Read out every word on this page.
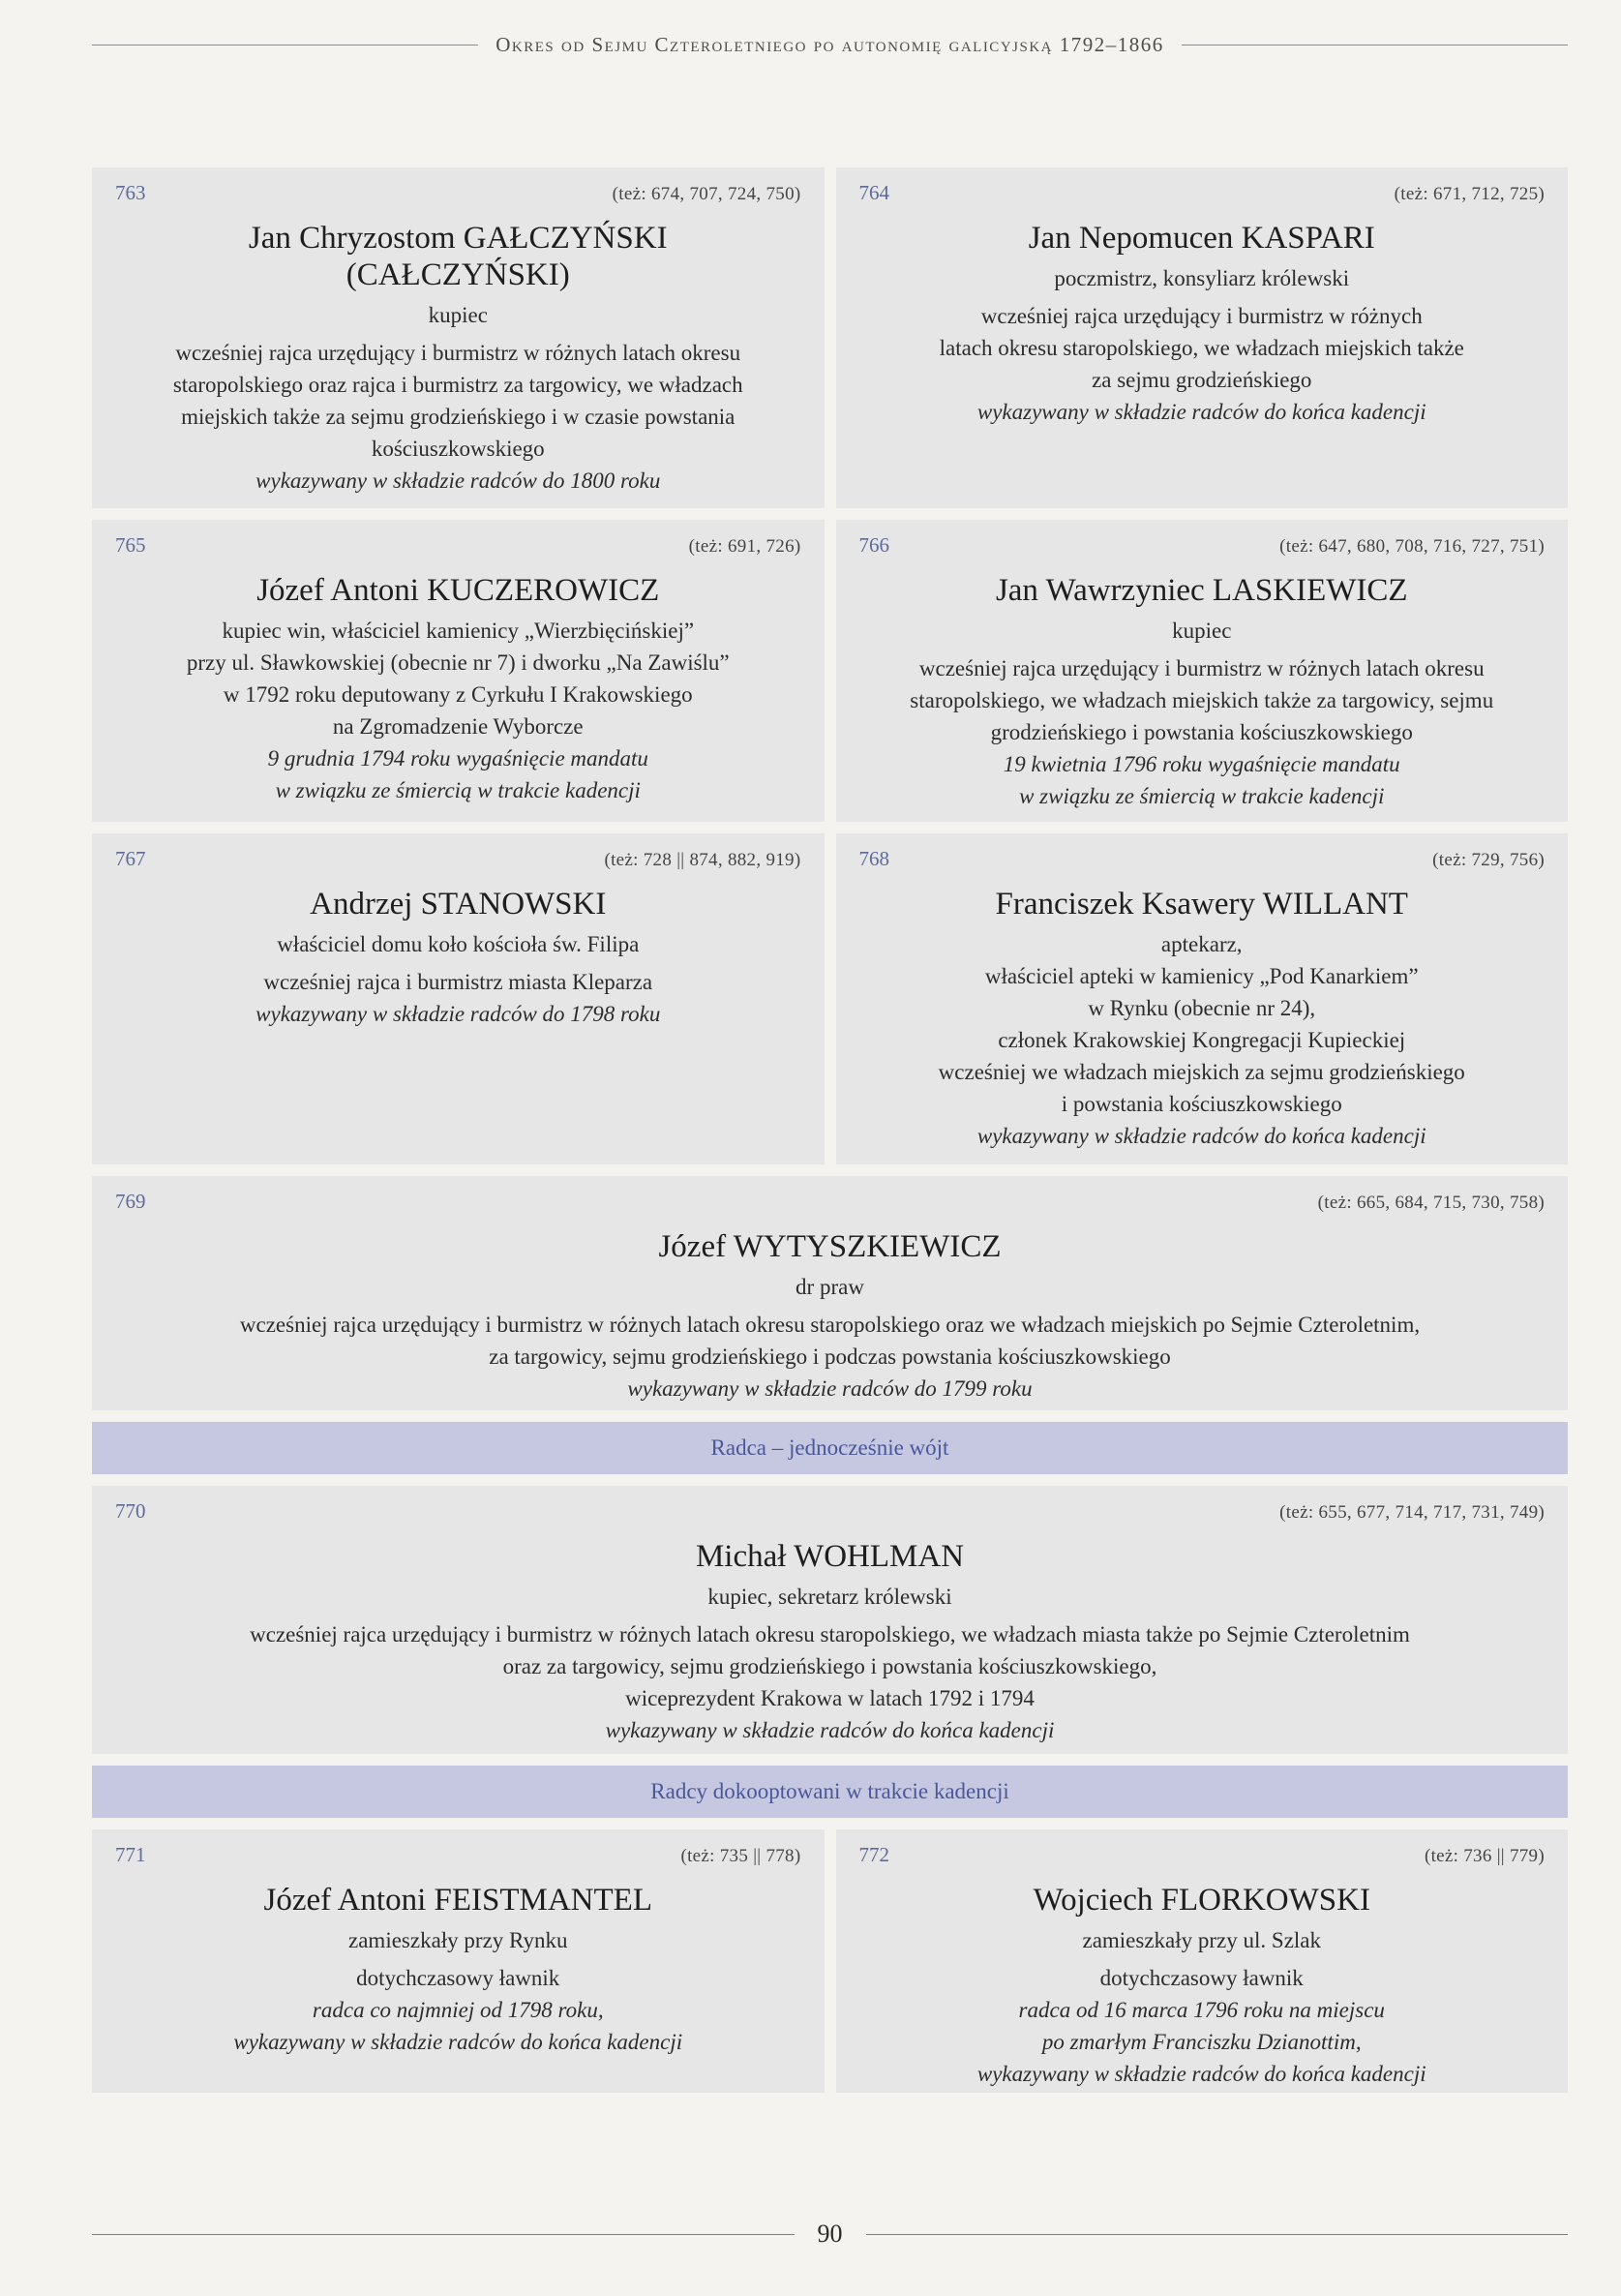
Okres od Sejmu Czteroletniego po autonomię galicyjską 1792–1866
763	(też: 674, 707, 724, 750)
Jan Chryzostom GAŁCZYŃSKI
(CAŁCZYŃSKI)
kupiec
wcześniej rajca urzędujący i burmistrz w różnych latach okresu
staropolskiego oraz rajca i burmistrz za targowicy, we władzach
miejskich także za sejmu grodzieńskiego i w czasie powstania
kościuszkowskiego
wykazywany w składzie radców do 1800 roku
764	(też: 671, 712, 725)
Jan Nepomucen KASPARI
poczmistrz, konsyliarz królewski
wcześniej rajca urzędujący i burmistrz w różnych
latach okresu staropolskiego, we władzach miejskich także
za sejmu grodzieńskiego
wykazywany w składzie radców do końca kadencji
765	(też: 691, 726)
Józef Antoni KUCZEROWICZ
kupiec win, właściciel kamienicy „Wierzbięcińskiej”
przy ul. Sławkowskiej (obecnie nr 7) i dworku „Na Zawiślu”
w 1792 roku deputowany z Cyrkułu I Krakowskiego
na Zgromadzenie Wyborcze
9 grudnia 1794 roku wygaśnięcie mandatu
w związku ze śmiercią w trakcie kadencji
766	(też: 647, 680, 708, 716, 727, 751)
Jan Wawrzyniec LASKIEWICZ
kupiec
wcześniej rajca urzędujący i burmistrz w różnych latach okresu
staropolskiego, we władzach miejskich także za targowicy, sejmu
grodzieńskiego i powstania kościuszkowskiego
19 kwietnia 1796 roku wygaśnięcie mandatu
w związku ze śmiercią w trakcie kadencji
767	(też: 728 || 874, 882, 919)
Andrzej STANOWSKI
właściciel domu koło kościoła św. Filipa
wcześniej rajca i burmistrz miasta Kleparza
wykazywany w składzie radców do 1798 roku
768	(też: 729, 756)
Franciszek Ksawery WILLANT
aptekarz,
właściciel apteki w kamienicy „Pod Kanarkiem”
w Rynku (obecnie nr 24),
członek Krakowskiej Kongregacji Kupieckiej
wcześniej we władzach miejskich za sejmu grodzieńskiego
i powstania kościuszkowskiego
wykazywany w składzie radców do końca kadencji
769	(też: 665, 684, 715, 730, 758)
Józef WYTYSZKIEWICZ
dr praw
wcześniej rajca urzędujący i burmistrz w różnych latach okresu staropolskiego oraz we władzach miejskich po Sejmie Czteroletnim,
za targowicy, sejmu grodzieńskiego i podczas powstania kościuszkowskiego
wykazywany w składzie radców do 1799 roku
Radca – jednocześnie wójt
770	(też: 655, 677, 714, 717, 731, 749)
Michał WOHLMAN
kupiec, sekretarz królewski
wcześniej rajca urzędujący i burmistrz w różnych latach okresu staropolskiego, we władzach miasta także po Sejmie Czteroletnim
oraz za targowicy, sejmu grodzieńskiego i powstania kościuszkowskiego,
wiceprezydent Krakowa w latach 1792 i 1794
wykazywany w składzie radców do końca kadencji
Radcy dokooptowani w trakcie kadencji
771	(też: 735 || 778)
Józef Antoni FEISTMANTEL
zamieszkały przy Rynku
dotychczasowy ławnik
radca co najmniej od 1798 roku,
wykazywany w składzie radców do końca kadencji
772	(też: 736 || 779)
Wojciech FLORKOWSKI
zamieszkały przy ul. Szlak
dotychczasowy ławnik
radca od 16 marca 1796 roku na miejscu
po zmarłym Franciszku Dzianottim,
wykazywany w składzie radców do końca kadencji
90
